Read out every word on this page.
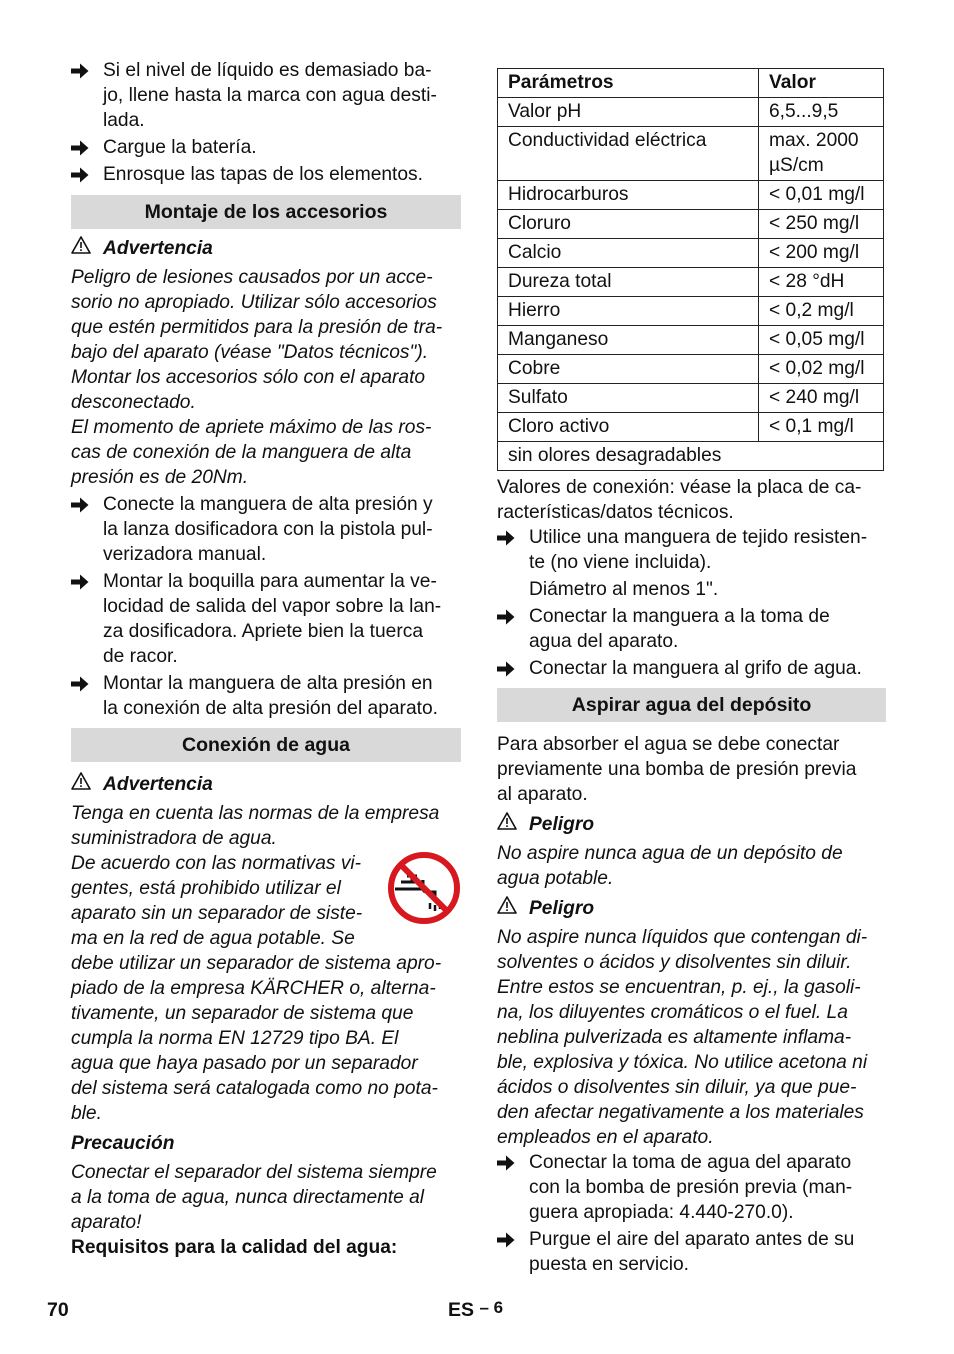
Si el nivel de líquido es demasiado ba-
jo, llene hasta la marca con agua desti-
lada.
Cargue la batería.
Enrosque las tapas de los elementos.
Montaje de los accesorios
Advertencia

Peligro de lesiones causados por un acce-
sorio no apropiado. Utilizar sólo accesorios
que estén permitidos para la presión de tra-
bajo del aparato (véase "Datos técnicos").
Montar los accesorios sólo con el aparato
desconectado.
El momento de apriete máximo de las ros-
cas de conexión de la manguera de alta
presión es de 20Nm.

Conecte la manguera de alta presión y
la lanza dosificadora con la pistola pul-
verizadora manual.
Montar la boquilla para aumentar la ve-
locidad de salida del vapor sobre la lan-
za dosificadora. Apriete bien la tuerca
de racor.
Montar la manguera de alta presión en
la conexión de alta presión del aparato.
Conexión de agua
Advertencia

Tenga en cuenta las normas de la empresa
suministradora de agua.

De acuerdo con las normativas vi-
gentes, está prohibido utilizar el
aparato sin un separador de siste-
ma en la red de agua potable. Se
debe utilizar un separador de sistema apro-
piado de la empresa KÄRCHER o, alterna-
tivamente, un separador de sistema que
cumpla la norma EN 12729 tipo BA. El
agua que haya pasado por un separador
del sistema será catalogada como no pota-
ble.
Precaución

Conectar el separador del sistema siempre
a la toma de agua, nunca directamente al
aparato!

Requisitos para la calidad del agua:
Parámetros	Valor
Valor pH	6,5...9,5
Conductividad eléctrica	max. 2000
µS/cm
Hidrocarburos	< 0,01 mg/l
Cloruro	< 250 mg/l
Calcio	< 200 mg/l
Dureza total	< 28 °dH
Hierro	< 0,2 mg/l
Manganeso	< 0,05 mg/l
Cobre	< 0,02 mg/l
Sulfato	< 240 mg/l
Cloro activo	< 0,1 mg/l
sin olores desagradables	

Valores de conexión: véase la placa de ca-
racterísticas/datos técnicos.

Utilice una manguera de tejido resisten-
te (no viene incluida).

Diámetro al menos 1".

Conectar la manguera a la toma de
agua del aparato.
Conectar la manguera al grifo de agua.
Aspirar agua del depósito

Para absorber el agua se debe conectar
previamente una bomba de presión previa
al aparato.

Peligro

No aspire nunca agua de un depósito de
agua potable.

Peligro

No aspire nunca líquidos que contengan di-
solventes o ácidos y disolventes sin diluir.
Entre estos se encuentran, p. ej., la gasoli-
na, los diluyentes cromáticos o el fuel. La
neblina pulverizada es altamente inflama-
ble, explosiva y tóxica. No utilice acetona ni
ácidos o disolventes sin diluir, ya que pue-
den afectar negativamente a los materiales
empleados en el aparato.

Conectar la toma de agua del aparato
con la bomba de presión previa (man-
guera apropiada: 4.440-270.0).
Purgue el aire del aparato antes de su
puesta en servicio.
70	ES – 6
